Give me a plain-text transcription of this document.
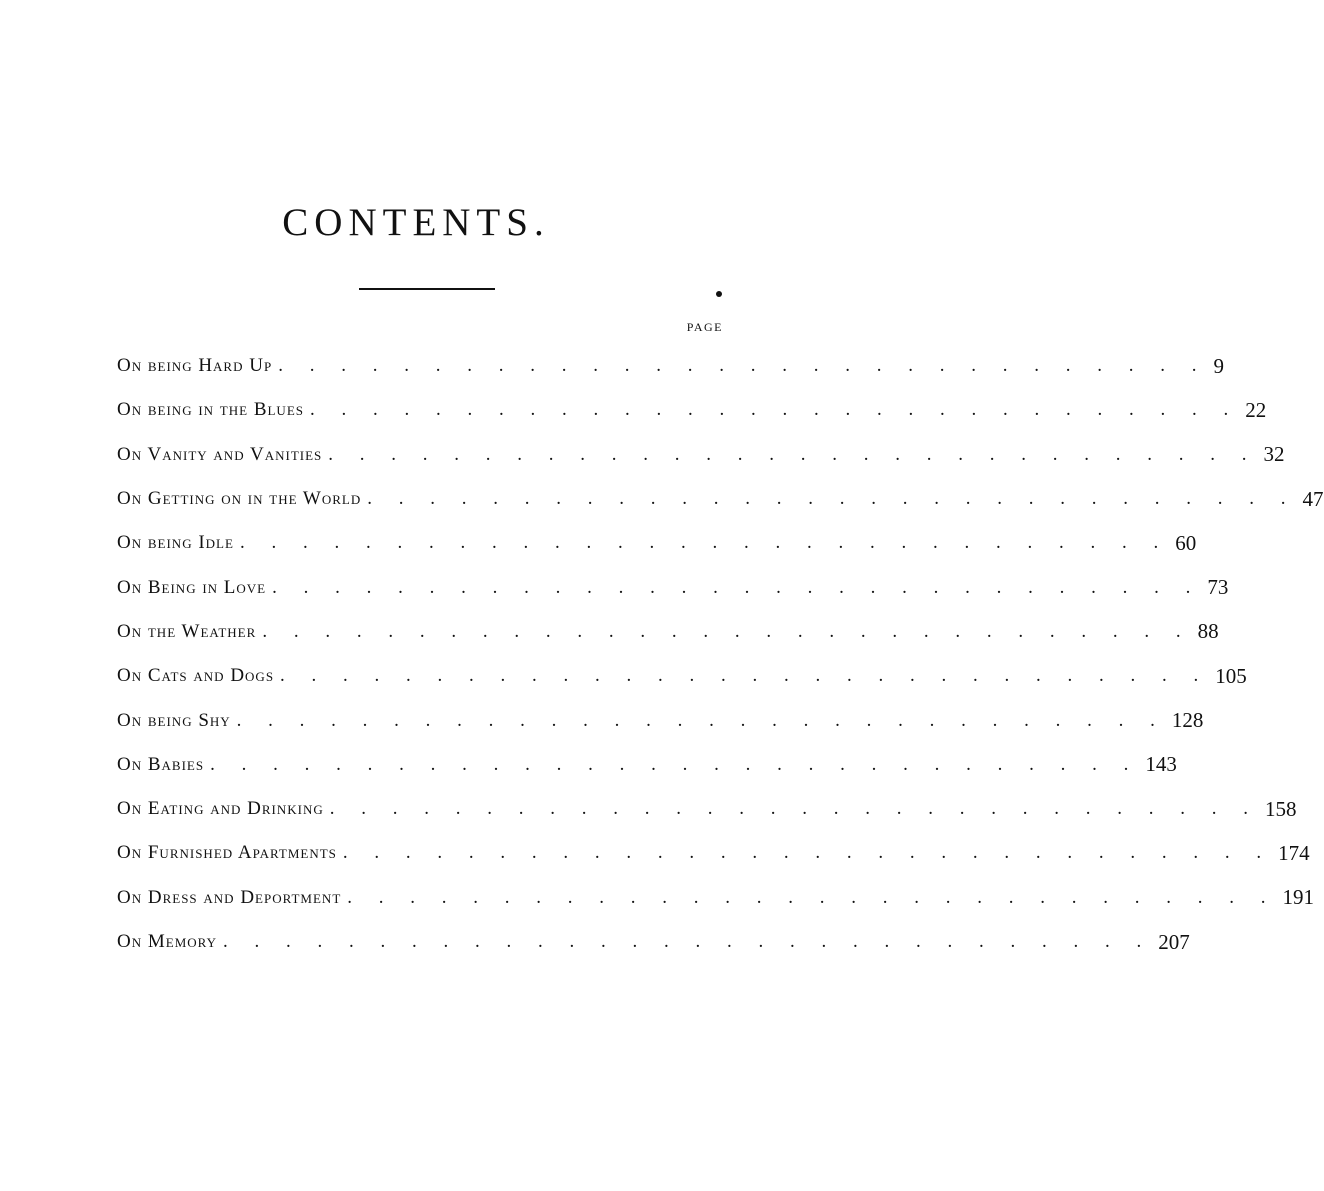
CONTENTS.
PAGE
On being Hard Up . . . . . . . . . . . . . . . . . . . . . . . . . . . . . . 9
On being in the Blues . . . . . . . . . . . . . . . . . . . . . . . . . . . . . . 22
On Vanity and Vanities . . . . . . . . . . . . . . . . . . . . . . . . . . . . . . 32
On Getting on in the World . . . . . . . . . . . . . . . . . . . . . . . . . . . . . . 47
On being Idle . . . . . . . . . . . . . . . . . . . . . . . . . . . . . . 60
On Being in Love . . . . . . . . . . . . . . . . . . . . . . . . . . . . . . 73
On the Weather . . . . . . . . . . . . . . . . . . . . . . . . . . . . . . 88
On Cats and Dogs . . . . . . . . . . . . . . . . . . . . . . . . . . . . . . 105
On being Shy . . . . . . . . . . . . . . . . . . . . . . . . . . . . . . 128
On Babies . . . . . . . . . . . . . . . . . . . . . . . . . . . . . . 143
On Eating and Drinking . . . . . . . . . . . . . . . . . . . . . . . . . . . . . . 158
On Furnished Apartments . . . . . . . . . . . . . . . . . . . . . . . . . . . . . . 174
On Dress and Deportment . . . . . . . . . . . . . . . . . . . . . . . . . . . . . . 191
On Memory . . . . . . . . . . . . . . . . . . . . . . . . . . . . . . 207
